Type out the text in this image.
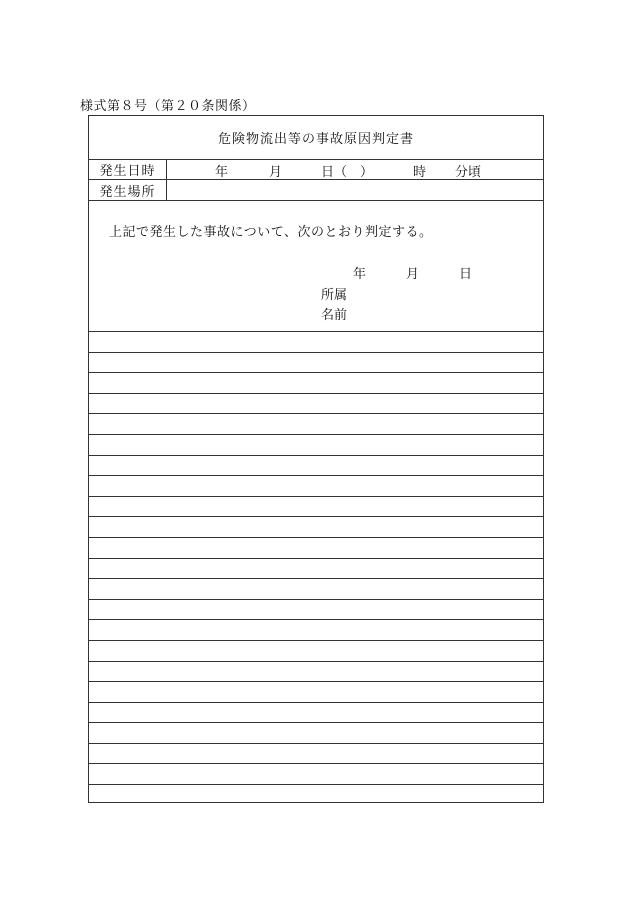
様式第８号（第２０条関係）
危険物流出等の事故原因判定書
発生日時	年	月	日（　）	時 分頃
発生場所
上記で発生した事故について、次のとおり判定する。
年	月	日
所属
名前
